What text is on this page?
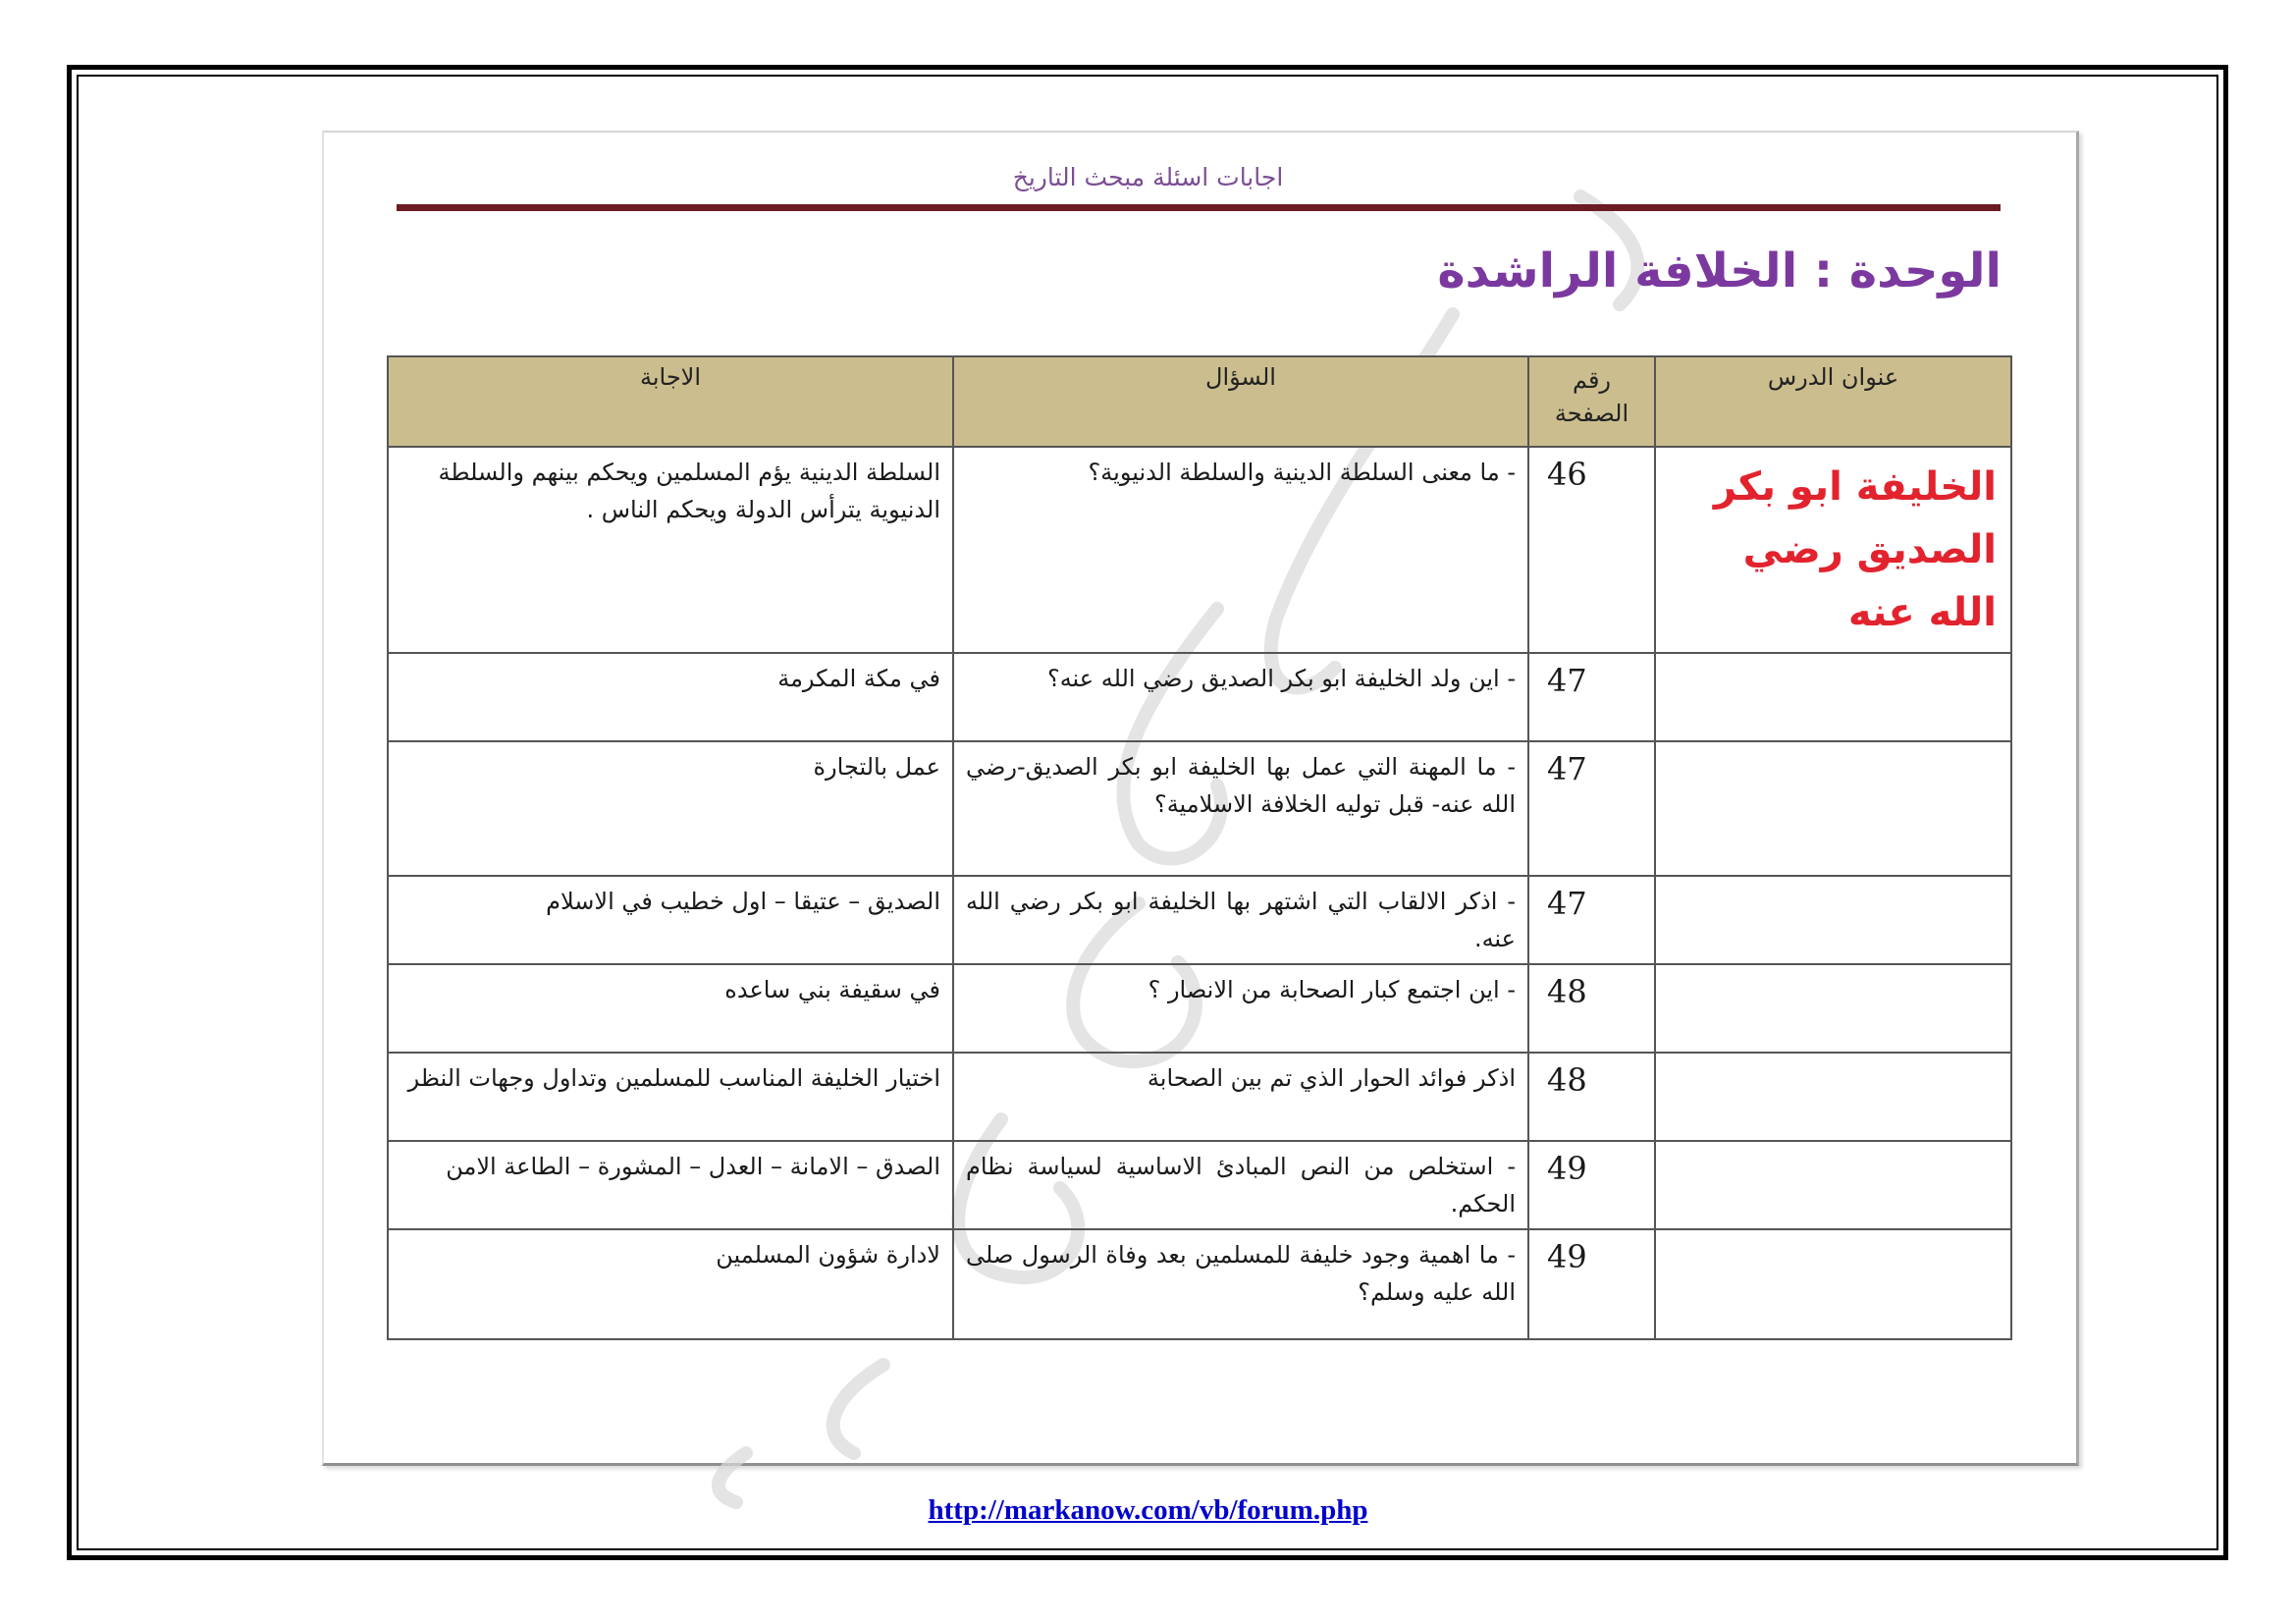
اجابات اسئلة مبحث التاريخ
الوحدة : الخلافة الراشدة
عنوان الدرس	رقم الصفحة	السؤال	الاجابة
الخليفة ابو بكر الصديق رضي الله عنه	46	- ما معنى السلطة الدينية والسلطة الدنيوية؟	السلطة الدينية يؤم المسلمين ويحكم بينهم والسلطة الدنيوية يترأس الدولة ويحكم الناس .
	47	- اين ولد الخليفة ابو بكر الصديق رضي الله عنه؟	في مكة المكرمة
	47	- ما المهنة التي عمل بها الخليفة ابو بكر الصديق-رضي الله عنه- قبل توليه الخلافة الاسلامية؟	عمل بالتجارة
	47	- اذكر الالقاب التي اشتهر بها الخليفة ابو بكر رضي الله عنه.	الصديق – عتيقا – اول خطيب في الاسلام
	48	- اين اجتمع كبار الصحابة من الانصار ؟	في سقيفة بني ساعده
	48	اذكر فوائد الحوار الذي تم بين الصحابة	اختيار الخليفة المناسب للمسلمين وتداول وجهات النظر
	49	- استخلص من النص المبادئ الاساسية لسياسة نظام الحكم.	الصدق – الامانة – العدل – المشورة – الطاعة الامن
	49	- ما اهمية وجود خليفة للمسلمين بعد وفاة الرسول صلى الله عليه وسلم؟	لادارة شؤون المسلمين
http://markanow.com/vb/forum.php
